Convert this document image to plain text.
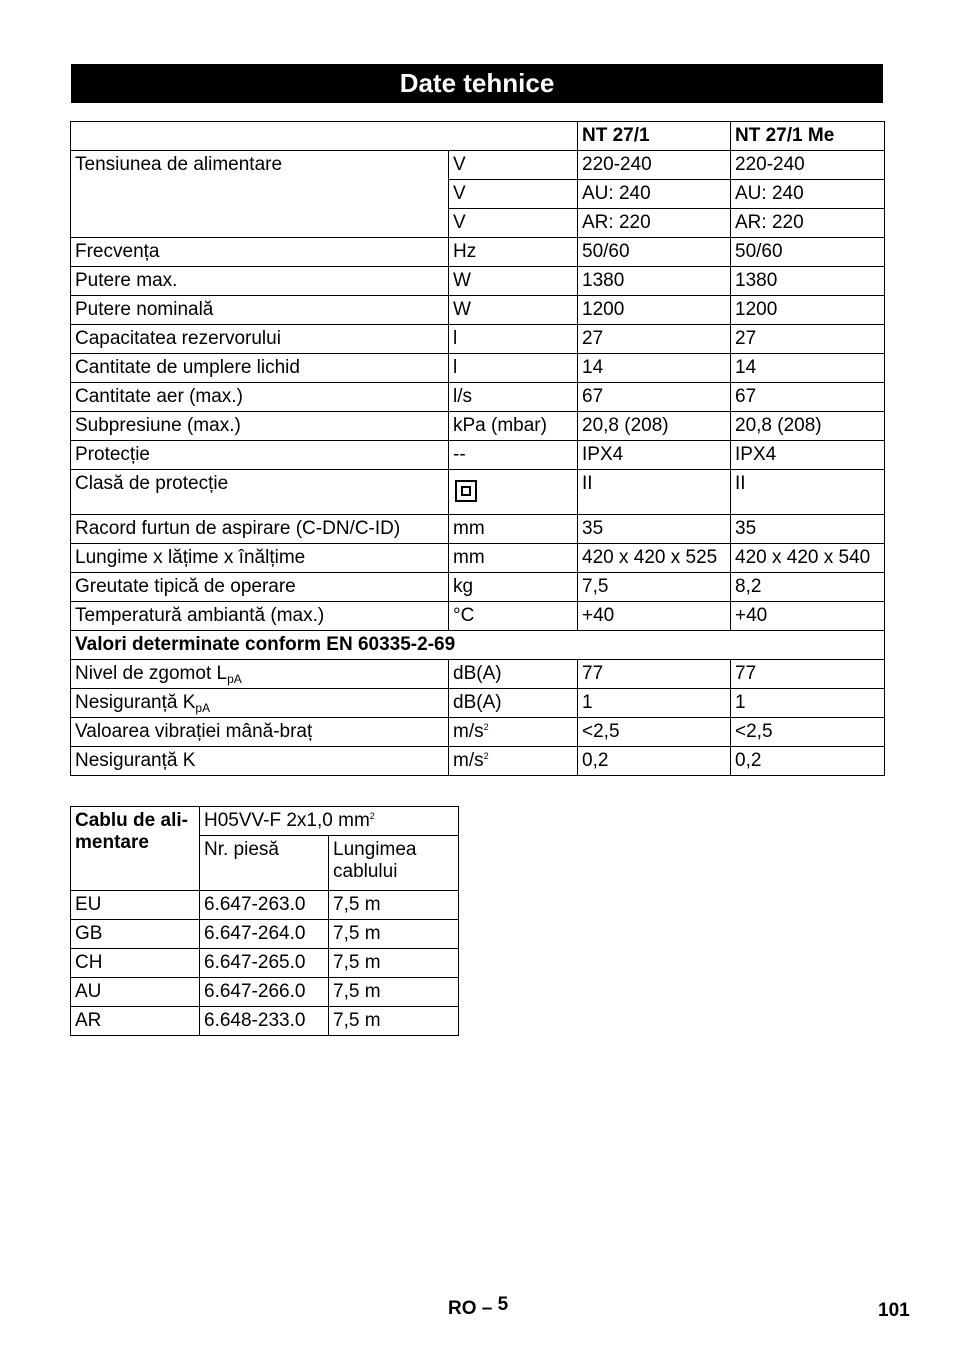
Date tehnice
		NT 27/1	NT 27/1 Me
Tensiunea de alimentare	V	220-240	220-240
	V	AU: 240	AU: 240
	V	AR: 220	AR: 220
Frecvența	Hz	50/60	50/60
Putere max.	W	1380	1380
Putere nominală	W	1200	1200
Capacitatea rezervorului	l	27	27
Cantitate de umplere lichid	l	14	14
Cantitate aer (max.)	l/s	67	67
Subpresiune (max.)	kPa (mbar)	20,8 (208)	20,8 (208)
Protecție	--	IPX4	IPX4
Clasă de protecție		II	II
Racord furtun de aspirare (C-DN/C-ID)	mm	35	35
Lungime x lățime x înălțime	mm	420 x 420 x 525	420 x 420 x 540
Greutate tipică de operare	kg	7,5	8,2
Temperatură ambiantă (max.)	°C	+40	+40
Valori determinate conform EN 60335-2-69			
Nivel de zgomot $L_{pA}$	dB(A)	77	77
Nesiguranță $K_{pA}$	dB(A)	1	1
Valoarea vibrației mână-braț	$m/s^2$	<2,5	<2,5
Nesiguranță K	$m/s^2$	0,2	0,2
Cablu de ali-mentare	H05VV-F 2x1,0 $mm^2$
	Nr. piesă	Lungimea cablului
EU	6.647-263.0	7,5 m
GB	6.647-264.0	7,5 m
CH	6.647-265.0	7,5 m
AU	6.647-266.0	7,5 m
AR	6.648-233.0	7,5 m
RO – 5	101
